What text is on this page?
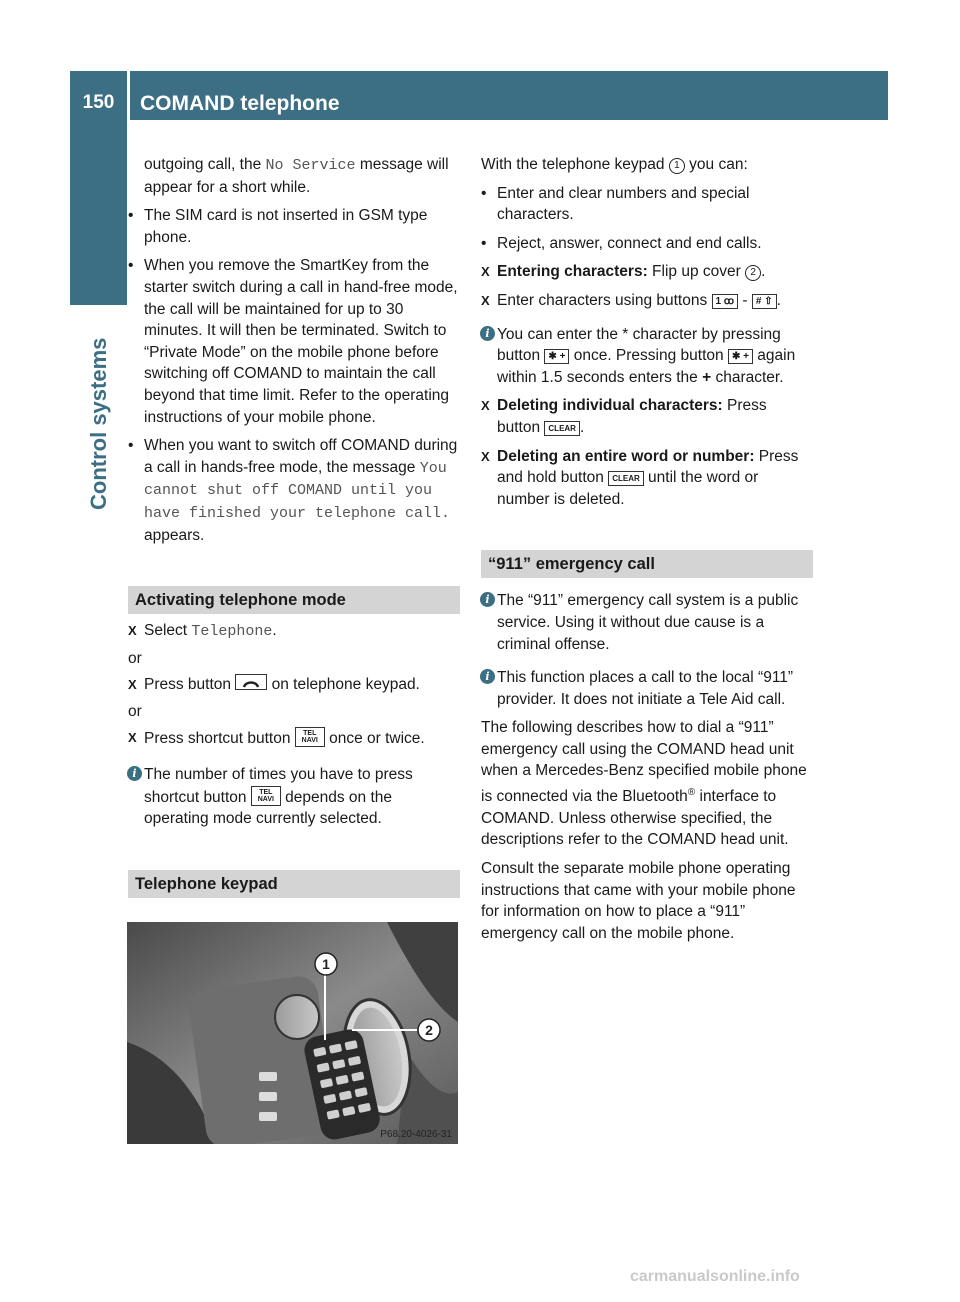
150	COMAND telephone
Control systems

outgoing call, the No Service message will appear for a short while.

• The SIM card is not inserted in GSM type phone.

• When you remove the SmartKey from the starter switch during a call in hand-free mode, the call will be maintained for up to 30 minutes. It will then be terminated. Switch to “Private Mode” on the mobile phone before switching off COMAND to maintain the call beyond that time limit. Refer to the operating instructions of your mobile phone.

• When you want to switch off COMAND during a call in hands-free mode, the message You cannot shut off COMAND until you have finished your telephone call. appears.

Activating telephone mode

X Select Telephone.

or

X Press button  on telephone keypad.

or

X Press shortcut button TEL NAVI once or twice.

i The number of times you have to press shortcut button TEL NAVI depends on the operating mode currently selected.

Telephone keypad
1
2
P68.20-4026-31

With the telephone keypad 1 you can:

• Enter and clear numbers and special characters.

• Reject, answer, connect and end calls.

X Entering characters: Flip up cover 2 .

X Enter characters using buttons 1 ꝏ - # ⇧ .

i You can enter the * character by pressing button ✱ + once. Pressing button ✱ + again within 1.5 seconds enters the + character.

X Deleting individual characters: Press button CLEAR .

X Deleting an entire word or number: Press and hold button CLEAR until the word or number is deleted.

“911” emergency call

i The “911” emergency call system is a public service. Using it without due cause is a criminal offense.

i This function places a call to the local “911” provider. It does not initiate a Tele Aid call.

The following describes how to dial a “911” emergency call using the COMAND head unit when a Mercedes-Benz specified mobile phone is connected via the Bluetooth® interface to COMAND. Unless otherwise specified, the descriptions refer to the COMAND head unit.

Consult the separate mobile phone operating instructions that came with your mobile phone for information on how to place a “911” emergency call on the mobile phone.

carmanualsonline.info
